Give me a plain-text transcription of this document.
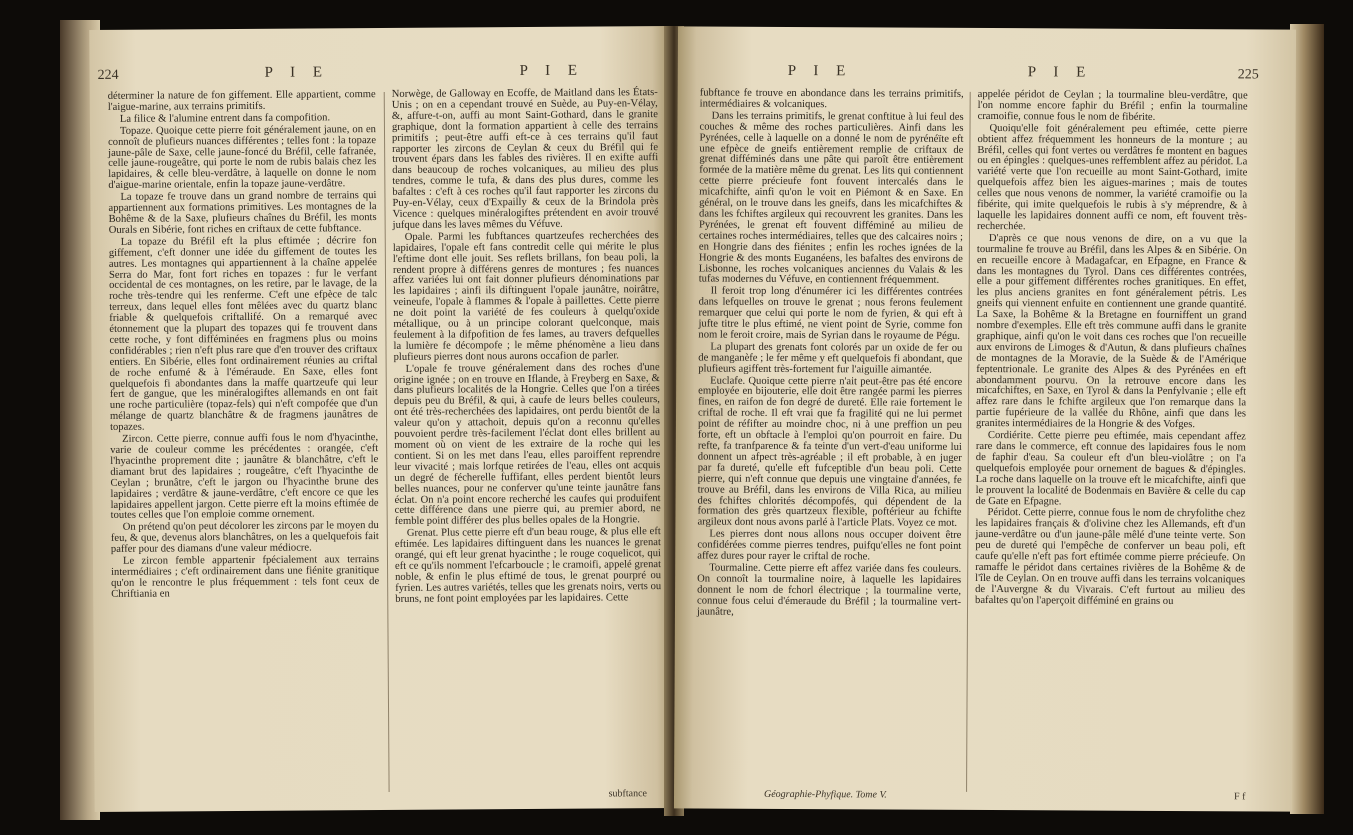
224	P I E	P I E

déterminer la nature de fon giffement. Elle appartient, comme l'aigue-marine, aux terrains primitifs.

La filice & l'alumine entrent dans fa compofition.

Topaze. Quoique cette pierre foit généralement jaune, on en connoît de plufieurs nuances différentes ; telles font : la topaze jaune-pâle de Saxe, celle jaune-foncé du Bréfil, celle fafranée, celle jaune-rougeâtre, qui porte le nom de rubis balais chez les lapidaires, & celle bleu-verdâtre, à laquelle on donne le nom d'aigue-marine orientale, enfin la topaze jaune-verdâtre.

La topaze fe trouve dans un grand nombre de terrains qui appartiennent aux formations primitives. Les montagnes de la Bohême & de la Saxe, plufieurs chaînes du Bréfil, les monts Ourals en Sibérie, font riches en criftaux de cette fubftance.

La topaze du Bréfil eft la plus eftimée ; décrire fon giffement, c'eft donner une idée du giffement de toutes les autres. Les montagnes qui appartiennent à la chaîne appelée Serra do Mar, font fort riches en topazes : fur le verfant occidental de ces montagnes, on les retire, par le lavage, de la roche très-tendre qui les renferme. C'eft une efpèce de talc terreux, dans lequel elles font mêlées avec du quartz blanc friable & quelquefois criftallifé. On a remarqué avec étonnement que la plupart des topazes qui fe trouvent dans cette roche, y font difféminées en fragmens plus ou moins confidérables ; rien n'eft plus rare que d'en trouver des criftaux entiers. En Sibérie, elles font ordinairement réunies au criftal de roche enfumé & à l'éméraude. En Saxe, elles font quelquefois fi abondantes dans la maffe quartzeufe qui leur fert de gangue, que les minéralogiftes allemands en ont fait une roche particulière (topaz-fels) qui n'eft compofée que d'un mélange de quartz blanchâtre & de fragmens jaunâtres de topazes.

Zircon. Cette pierre, connue auffi fous le nom d'hyacinthe, varie de couleur comme les précédentes : orangée, c'eft l'hyacinthe proprement dite ; jaunâtre & blanchâtre, c'eft le diamant brut des lapidaires ; rougeâtre, c'eft l'hyacinthe de Ceylan ; brunâtre, c'eft le jargon ou l'hyacinthe brune des lapidaires ; verdâtre & jaune-verdâtre, c'eft encore ce que les lapidaires appellent jargon. Cette pierre eft la moins eftimée de toutes celles que l'on emploie comme ornement.

On prétend qu'on peut décolorer les zircons par le moyen du feu, & que, devenus alors blanchâtres, on les a quelquefois fait paffer pour des diamans d'une valeur médiocre.

Le zircon femble appartenir fpécialement aux terrains intermédiaires ; c'eft ordinairement dans une fiénite granitique qu'on le rencontre le plus fréquemment : tels font ceux de Chriftiania en

Norwège, de Galloway en Ecoffe, de Maitland dans les États-Unis ; on en a cependant trouvé en Suède, au Puy-en-Vélay, &, affure-t-on, auffi au mont Saint-Gothard, dans le granite graphique, dont la formation appartient à celle des terrains primitifs ; peut-être auffi eft-ce à ces terrains qu'il faut rapporter les zircons de Ceylan & ceux du Bréfil qui fe trouvent épars dans les fables des rivières. Il en exifte auffi dans beaucoup de roches volcaniques, au milieu des plus tendres, comme le tufa, & dans des plus dures, comme les bafaltes : c'eft à ces roches qu'il faut rapporter les zircons du Puy-en-Vélay, ceux d'Expailly & ceux de la Brindola près Vicence : quelques minéralogiftes prétendent en avoir trouvé jufque dans les laves mêmes du Véfuve.

Opale. Parmi les fubftances quartzeufes recherchées des lapidaires, l'opale eft fans contredit celle qui mérite le plus l'eftime dont elle jouit. Ses reflets brillans, fon beau poli, la rendent propre à différens genres de montures ; fes nuances affez variées lui ont fait donner plufieurs dénominations par les lapidaires ; ainfi ils diftinguent l'opale jaunâtre, noirâtre, veineufe, l'opale à flammes & l'opale à paillettes. Cette pierre ne doit point la variété de fes couleurs à quelqu'oxide métallique, ou à un principe colorant quelconque, mais feulement à la difpofition de fes lames, au travers defquelles la lumière fe décompofe ; le même phénomène a lieu dans plufieurs pierres dont nous aurons occafion de parler.

L'opale fe trouve généralement dans des roches d'une origine ignée ; on en trouve en Iflande, à Freyberg en Saxe, & dans plufieurs localités de la Hongrie. Celles que l'on a tirées depuis peu du Bréfil, & qui, à caufe de leurs belles couleurs, ont été très-recherchées des lapidaires, ont perdu bientôt de la valeur qu'on y attachoit, depuis qu'on a reconnu qu'elles pouvoient perdre très-facilement l'éclat dont elles brillent au moment où on vient de les extraire de la roche qui les contient. Si on les met dans l'eau, elles paroiffent reprendre leur vivacité ; mais lorfque retirées de l'eau, elles ont acquis un degré de fécherelle fuffifant, elles perdent bientôt leurs belles nuances, pour ne conferver qu'une teinte jaunâtre fans éclat. On n'a point encore recherché les caufes qui produifent cette différence dans une pierre qui, au premier abord, ne femble point différer des plus belles opales de la Hongrie.

Grenat. Plus cette pierre eft d'un beau rouge, & plus elle eft eftimée. Les lapidaires diftinguent dans les nuances le grenat orangé, qui eft leur grenat hyacinthe ; le rouge coquelicot, qui eft ce qu'ils nomment l'efcarboucle ; le cramoifi, appelé grenat noble, & enfin le plus eftimé de tous, le grenat pourpré ou fyrien. Les autres variétés, telles que les grenats noirs, verts ou bruns, ne font point employées par les lapidaires. Cette

subftance
P I E	P I E	225

fubftance fe trouve en abondance dans les terrains primitifs, intermédiaires & volcaniques.

Dans les terrains primitifs, le grenat conftitue à lui feul des couches & même des roches particulières. Ainfi dans les Pyrénées, celle à laquelle on a donné le nom de pyrénéïte eft une efpèce de gneifs entièrement remplie de criftaux de grenat difféminés dans une pâte qui paroît être entièrement formée de la matière même du grenat. Les lits qui contiennent cette pierre précieufe font fouvent intercalés dans le micafchifte, ainfi qu'on le voit en Piémont & en Saxe. En général, on le trouve dans les gneifs, dans les micafchiftes & dans les fchiftes argileux qui recouvrent les granites. Dans les Pyrénées, le grenat eft fouvent difféminé au milieu de certaines roches intermédiaires, telles que des calcaires noirs ; en Hongrie dans des fiénites ; enfin les roches ignées de la Hongrie & des monts Euganéens, les bafaltes des environs de Lisbonne, les roches volcaniques anciennes du Valais & les tufas modernes du Véfuve, en contiennent fréquemment.

Il feroit trop long d'énumérer ici les différentes contrées dans lefquelles on trouve le grenat ; nous ferons feulement remarquer que celui qui porte le nom de fyrien, & qui eft à jufte titre le plus eftimé, ne vient point de Syrie, comme fon nom le feroit croire, mais de Syrian dans le royaume de Pégu.

La plupart des grenats font colorés par un oxide de fer ou de manganèfe ; le fer même y eft quelquefois fi abondant, que plufieurs agiffent très-fortement fur l'aiguille aimantée.

Euclafe. Quoique cette pierre n'ait peut-être pas été encore employée en bijouterie, elle doit être rangée parmi les pierres fines, en raifon de fon degré de dureté. Elle raie fortement le criftal de roche. Il eft vrai que fa fragilité qui ne lui permet point de réfifter au moindre choc, ni à une preffion un peu forte, eft un obftacle à l'emploi qu'on pourroit en faire. Du refte, fa tranfparence & fa teinte d'un vert-d'eau uniforme lui donnent un afpect très-agréable ; il eft probable, à en juger par fa dureté, qu'elle eft fufceptible d'un beau poli. Cette pierre, qui n'eft connue que depuis une vingtaine d'années, fe trouve au Bréfil, dans les environs de Villa Rica, au milieu des fchiftes chlorités décompofés, qui dépendent de la formation des grès quartzeux flexible, poftérieur au fchifte argileux dont nous avons parlé à l'article Plats. Voyez ce mot.

Les pierres dont nous allons nous occuper doivent être confidérées comme pierres tendres, puifqu'elles ne font point affez dures pour rayer le criftal de roche.

Tourmaline. Cette pierre eft affez variée dans fes couleurs. On connoît la tourmaline noire, à laquelle les lapidaires donnent le nom de fchorl électrique ; la tourmaline verte, connue fous celui d'émeraude du Bréfil ; la tourmaline vert-jaunâtre,

appelée péridot de Ceylan ; la tourmaline bleu-verdâtre, que l'on nomme encore faphir du Bréfil ; enfin la tourmaline cramoifie, connue fous le nom de fibérite.

Quoiqu'elle foit généralement peu eftimée, cette pierre obtient affez fréquemment les honneurs de la monture ; au Bréfil, celles qui font vertes ou verdâtres fe montent en bagues ou en épingles : quelques-unes reffemblent affez au péridot. La variété verte que l'on recueille au mont Saint-Gothard, imite quelquefois affez bien les aigues-marines ; mais de toutes celles que nous venons de nommer, la variété cramoifie ou la fibérite, qui imite quelquefois le rubis à s'y méprendre, & à laquelle les lapidaires donnent auffi ce nom, eft fouvent très-recherchée.

D'après ce que nous venons de dire, on a vu que la tourmaline fe trouve au Bréfil, dans les Alpes & en Sibérie. On en recueille encore à Madagafcar, en Efpagne, en France & dans les montagnes du Tyrol. Dans ces différentes contrées, elle a pour giffement différentes roches granitiques. En effet, les plus anciens granites en font généralement pétris. Les gneifs qui viennent enfuite en contiennent une grande quantité. La Saxe, la Bohême & la Bretagne en fourniffent un grand nombre d'exemples. Elle eft très commune auffi dans le granite graphique, ainfi qu'on le voit dans ces roches que l'on recueille aux environs de Limoges & d'Autun, & dans plufieurs chaînes de montagnes de la Moravie, de la Suède & de l'Amérique feptentrionale. Le granite des Alpes & des Pyrénées en eft abondamment pourvu. On la retrouve encore dans les micafchiftes, en Saxe, en Tyrol & dans la Penfylvanie ; elle eft affez rare dans le fchifte argileux que l'on remarque dans la partie fupérieure de la vallée du Rhône, ainfi que dans les granites intermédiaires de la Hongrie & des Vofges.

Cordiérite. Cette pierre peu eftimée, mais cependant affez rare dans le commerce, eft connue des lapidaires fous le nom de faphir d'eau. Sa couleur eft d'un bleu-violâtre ; on l'a quelquefois employée pour ornement de bagues & d'épingles. La roche dans laquelle on la trouve eft le micafchifte, ainfi que le prouvent la localité de Bodenmais en Bavière & celle du cap de Gate en Efpagne.

Péridot. Cette pierre, connue fous le nom de chryfolithe chez les lapidaires français & d'olivine chez les Allemands, eft d'un jaune-verdâtre ou d'un jaune-pâle mêlé d'une teinte verte. Son peu de dureté qui l'empêche de conferver un beau poli, eft caufe qu'elle n'eft pas fort eftimée comme pierre précieufe. On ramaffe le péridot dans certaines rivières de la Bohême & de l'île de Ceylan. On en trouve auffi dans les terrains volcaniques de l'Auvergne & du Vivarais. C'eft furtout au milieu des bafaltes qu'on l'aperçoit difféminé en grains ou

Géographie-Phyfique. Tome V.	F f
